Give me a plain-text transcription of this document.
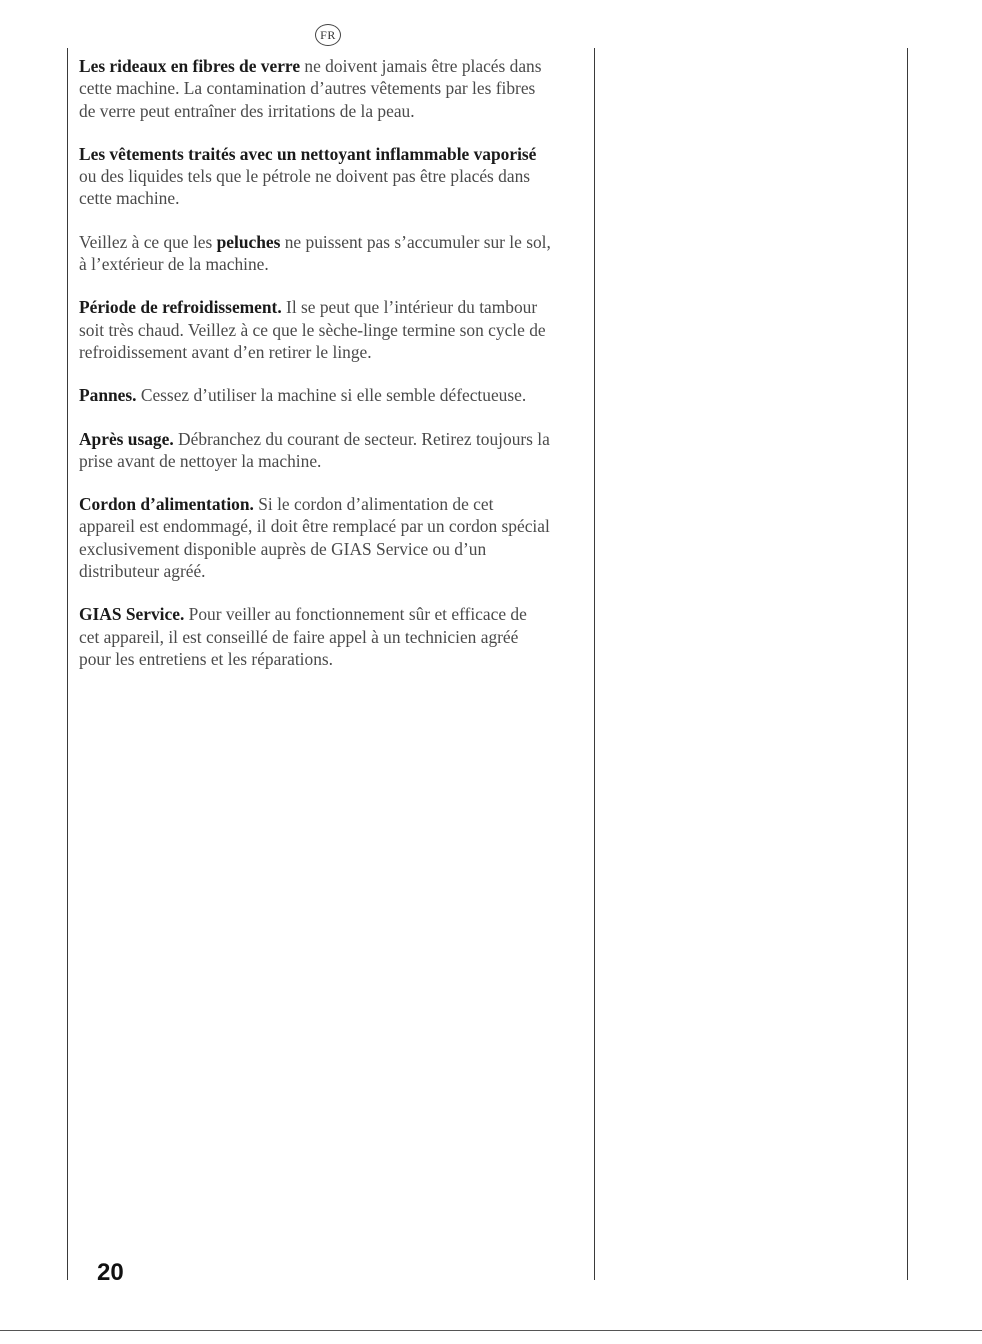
FR

Les rideaux en fibres de verre ne doivent jamais être placés dans cette machine. La contamination d’autres vêtements par les fibres de verre peut entraîner des irritations de la peau.

Les vêtements traités avec un nettoyant inflammable vaporisé ou des liquides tels que le pétrole ne doivent pas être placés dans cette machine.

Veillez à ce que les peluches ne puissent pas s’accumuler sur le sol, à l’extérieur de la machine.

Période de refroidissement. Il se peut que l’intérieur du tambour soit très chaud. Veillez à ce que le sèche-linge termine son cycle de refroidissement avant d’en retirer le linge.

Pannes. Cessez d’utiliser la machine si elle semble défectueuse.

Après usage. Débranchez du courant de secteur. Retirez toujours la prise avant de nettoyer la machine.

Cordon d’alimentation. Si le cordon d’alimentation de cet appareil est endommagé, il doit être remplacé par un cordon spécial exclusivement disponible auprès de GIAS Service ou d’un distributeur agréé.

GIAS Service. Pour veiller au fonctionnement sûr et efficace de cet appareil, il est conseillé de faire appel à un technicien agréé pour les entretiens et les réparations.

20
